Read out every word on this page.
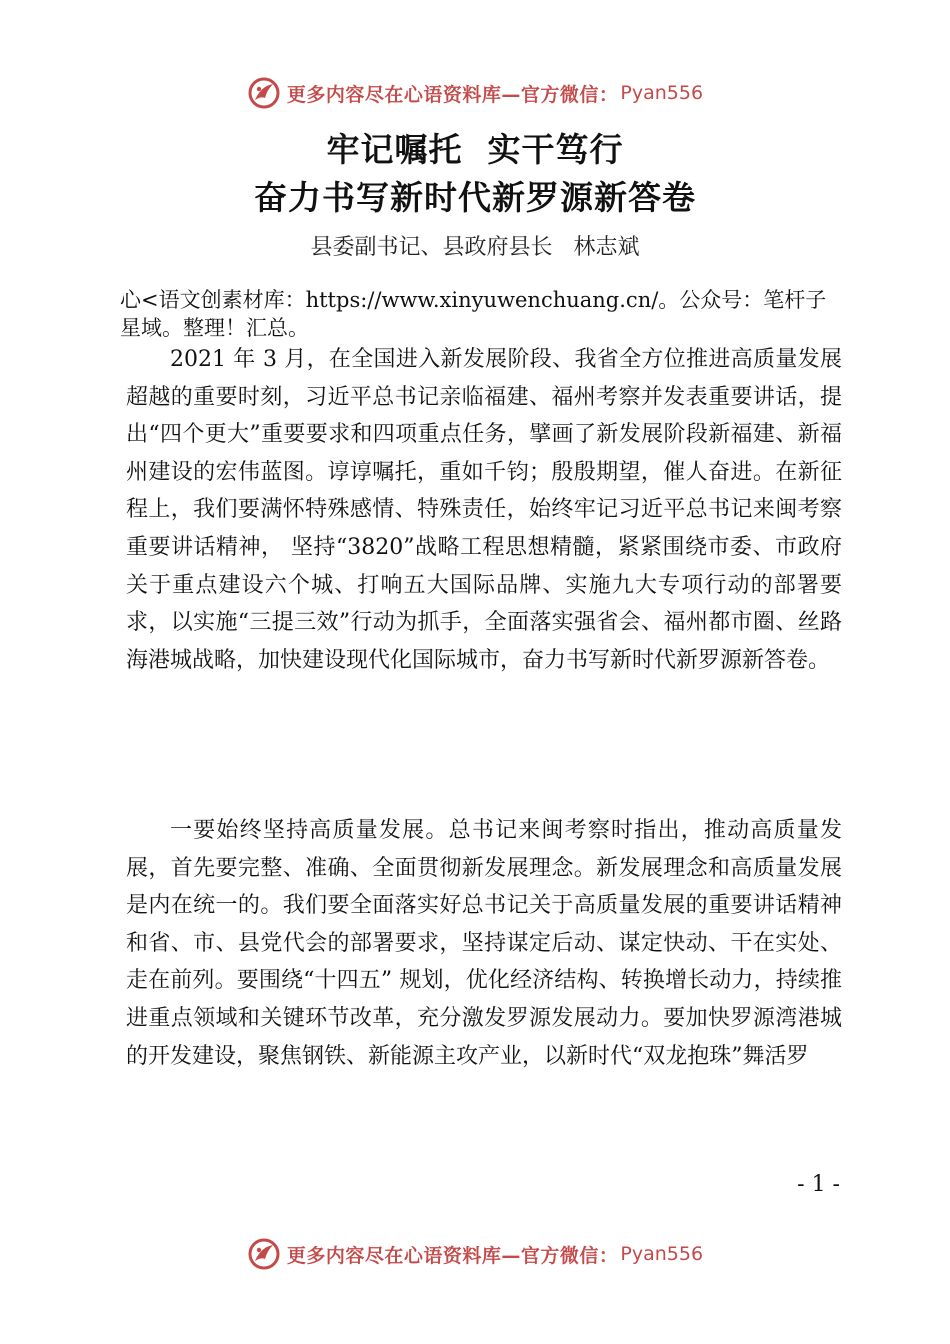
更多内容尽在心语资料库—官方微信： Pyan556
牢记嘱托  实干笃行
奋力书写新时代新罗源新答卷
县委副书记、县政府县长   林志斌
心<语文创素材库：https://www.xinyuwenchuang.cn/。公众号：笔杆子星域。整理！汇总。

2021 年 3 月，在全国进入新发展阶段、我省全方位推进高质量发展超越的重要时刻，习近平总书记亲临福建、福州考察并发表重要讲话，提出“四个更大”重要要求和四项重点任务，擘画了新发展阶段新福建、新福州建设的宏伟蓝图。谆谆嘱托，重如千钧；殷殷期望，催人奋进。在新征程上，我们要满怀特殊感情、特殊责任，始终牢记习近平总书记来闽考察重要讲话精神， 坚持“3820”战略工程思想精髓，紧紧围绕市委、市政府关于重点建设六个城、打响五大国际品牌、实施九大专项行动的部署要求，以实施“三提三效”行动为抓手，全面落实强省会、福州都市圈、丝路海港城战略，加快建设现代化国际城市，奋力书写新时代新罗源新答卷。

一要始终坚持高质量发展。总书记来闽考察时指出，推动高质量发展，首先要完整、准确、全面贯彻新发展理念。新发展理念和高质量发展是内在统一的。我们要全面落实好总书记关于高质量发展的重要讲话精神和省、市、县党代会的部署要求，坚持谋定后动、谋定快动、干在实处、走在前列。要围绕“十四五” 规划，优化经济结构、转换增长动力，持续推进重点领域和关键环节改革，充分激发罗源发展动力。要加快罗源湾港城的开发建设，聚焦钢铁、新能源主攻产业，以新时代“双龙抱珠”舞活罗

- 1 -
更多内容尽在心语资料库—官方微信： Pyan556
